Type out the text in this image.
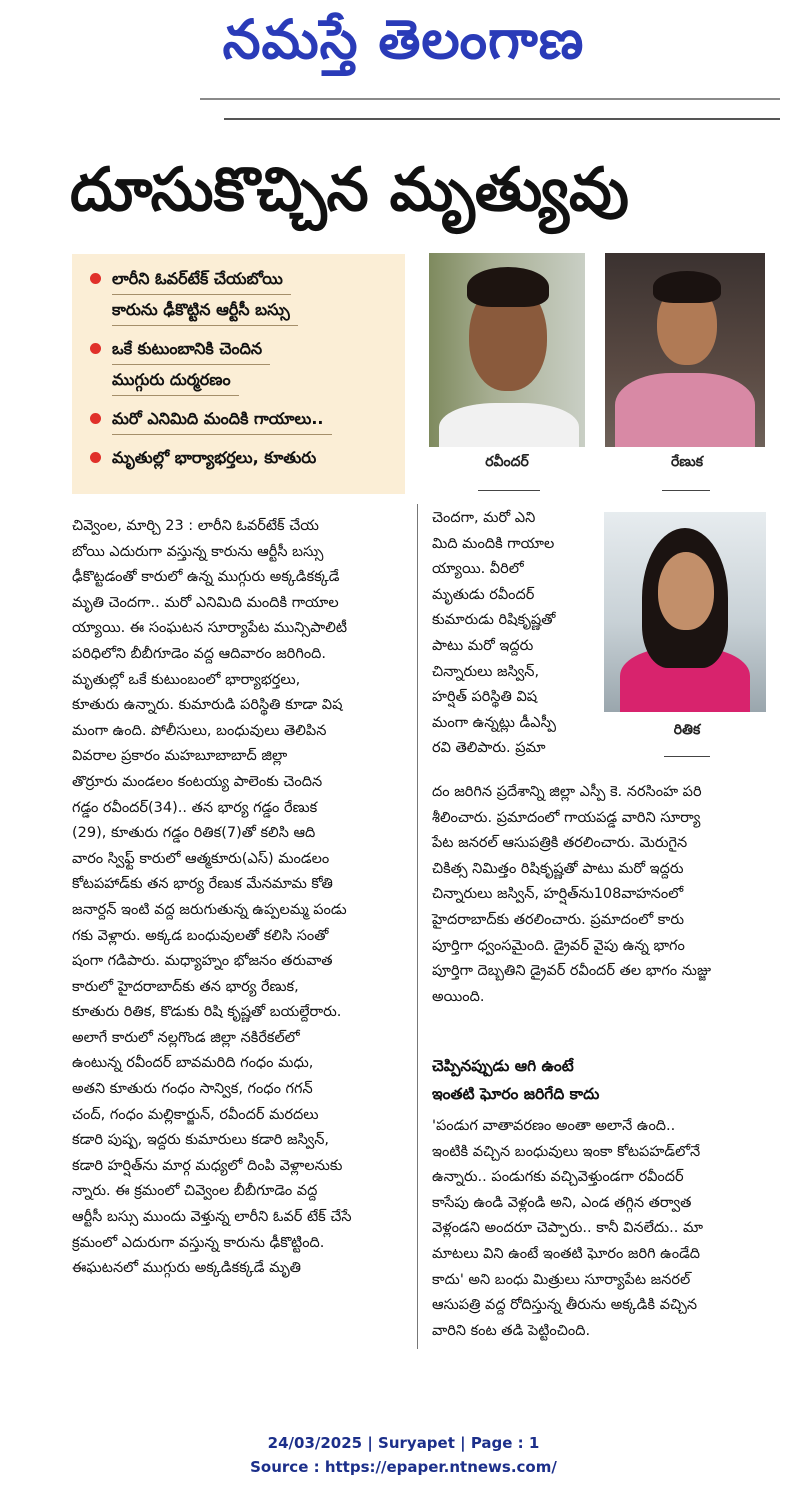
నమస్తే తెలంగాణ
దూసుకొచ్చిన మృత్యువు
లారీని ఓవర్‌టేక్ చేయబోయి
కారును ఢీకొట్టిన ఆర్టీసీ బస్సు
ఒకే కుటుంబానికి చెందిన
ముగ్గురు దుర్మరణం
మరో ఎనిమిది మందికి గాయాలు..
మృతుల్లో భార్యాభర్తలు, కూతురు	రవీందర్	రేణుక
రితిక

చివ్వెంల, మార్చి 23 : లారీని ఓవర్‌టేక్ చేయ

బోయి ఎదురుగా వస్తున్న కారును ఆర్టీసీ బస్సు

ఢీకొట్టడంతో కారులో ఉన్న ముగ్గురు అక్కడికక్కడే

మృతి చెందగా.. మరో ఎనిమిది మందికి గాయాల

య్యాయి. ఈ సంఘటన సూర్యాపేట మున్సిపాలిటీ

పరిధిలోని బీబీగూడెం వద్ద ఆదివారం జరిగింది.

మృతుల్లో ఒకే కుటుంబంలో భార్యాభర్తలు,

కూతురు ఉన్నారు. కుమారుడి పరిస్థితి కూడా విష

మంగా ఉంది. పోలీసులు, బంధువులు తెలిపిన

వివరాల ప్రకారం మహబూబాబాద్ జిల్లా

తొర్రూరు మండలం కంటయ్య పాలెంకు చెందిన

గడ్డం రవీందర్(34).. తన భార్య గడ్డం రేణుక

(29), కూతురు గడ్డం రితిక(7)తో కలిసి ఆది

వారం స్విఫ్ట్ కారులో ఆత్మకూరు(ఎస్) మండలం

కోటపహాడ్‌కు తన భార్య రేణుక మేనమామ కోతి

జనార్దన్ ఇంటి వద్ద జరుగుతున్న ఉప్పలమ్మ పండు

గకు వెళ్లారు. అక్కడ బంధువులతో కలిసి సంతో

షంగా గడిపారు. మధ్యాహ్నం భోజనం తరువాత

కారులో హైదరాబాద్‌కు తన భార్య రేణుక,

కూతురు రితిక, కొడుకు రిషి కృష్ణతో బయల్దేరారు.

అలాగే కారులో నల్లగొండ జిల్లా నకిరేకల్‌లో

ఉంటున్న రవీందర్ బావమరిది గంధం మధు,

అతని కూతురు గంధం సాన్విక, గంధం గగన్

చంద్, గంధం మల్లికార్జున్, రవీందర్ మరదలు

కడారి పుష్ప, ఇద్దరు కుమారులు కడారి జస్విన్,

కడారి హర్షిత్‌ను మార్గ మధ్యలో దింపి వెళ్లాలనుకు

న్నారు. ఈ క్రమంలో చివ్వెంల బీబీగూడెం వద్ద

ఆర్టీసీ బస్సు ముందు వెళ్తున్న లారీని ఓవర్ టేక్ చేసే

క్రమంలో ఎదురుగా వస్తున్న కారును ఢీకొట్టింది.

ఈఘటనలో ముగ్గురు అక్కడికక్కడే మృతి

చెందగా, మరో ఎని

మిది మందికి గాయాల

య్యాయి. వీరిలో

మృతుడు రవీందర్

కుమారుడు రిషికృష్ణతో

పాటు మరో ఇద్దరు

చిన్నారులు జస్విన్,

హర్షిత్ పరిస్థితి విష

మంగా ఉన్నట్లు డీఎస్పీ

రవి తెలిపారు. ప్రమా

దం జరిగిన ప్రదేశాన్ని జిల్లా ఎస్పీ కె. నరసింహ పరి

శీలించారు. ప్రమాదంలో గాయపడ్డ వారిని సూర్యా

పేట జనరల్ ఆసుపత్రికి తరలించారు. మెరుగైన

చికిత్స నిమిత్తం రిషికృష్ణతో పాటు మరో ఇద్దరు

చిన్నారులు జస్విన్, హర్షిత్‌ను108వాహనంలో

హైదరాబాద్‌కు తరలించారు. ప్రమాదంలో కారు

పూర్తిగా ధ్వంసమైంది. డ్రైవర్ వైపు ఉన్న భాగం

పూర్తిగా దెబ్బతిని డ్రైవర్ రవీందర్ తల భాగం నుజ్జు

అయింది.

చెప్పినప్పుడు ఆగి ఉంటే
ఇంతటి ఘోరం జరిగేది కాదు

'పండుగ వాతావరణం అంతా అలానే ఉంది..

ఇంటికి వచ్చిన బంధువులు ఇంకా కోటపహడ్‌లోనే

ఉన్నారు.. పండుగకు వచ్చివెళ్తుండగా రవీందర్

కాసేపు ఉండి వెళ్లండి అని, ఎండ తగ్గిన తర్వాత

వెళ్లండని అందరూ చెప్పారు.. కానీ వినలేదు.. మా

మాటలు విని ఉంటే ఇంతటి ఘోరం జరిగి ఉండేది

కాదు' అని బంధు మిత్రులు సూర్యాపేట జనరల్

ఆసుపత్రి వద్ద రోదిస్తున్న తీరును అక్కడికి వచ్చిన

వారిని కంట తడి పెట్టించింది.

24/03/2025 | Suryapet | Page : 1
Source : https://epaper.ntnews.com/
